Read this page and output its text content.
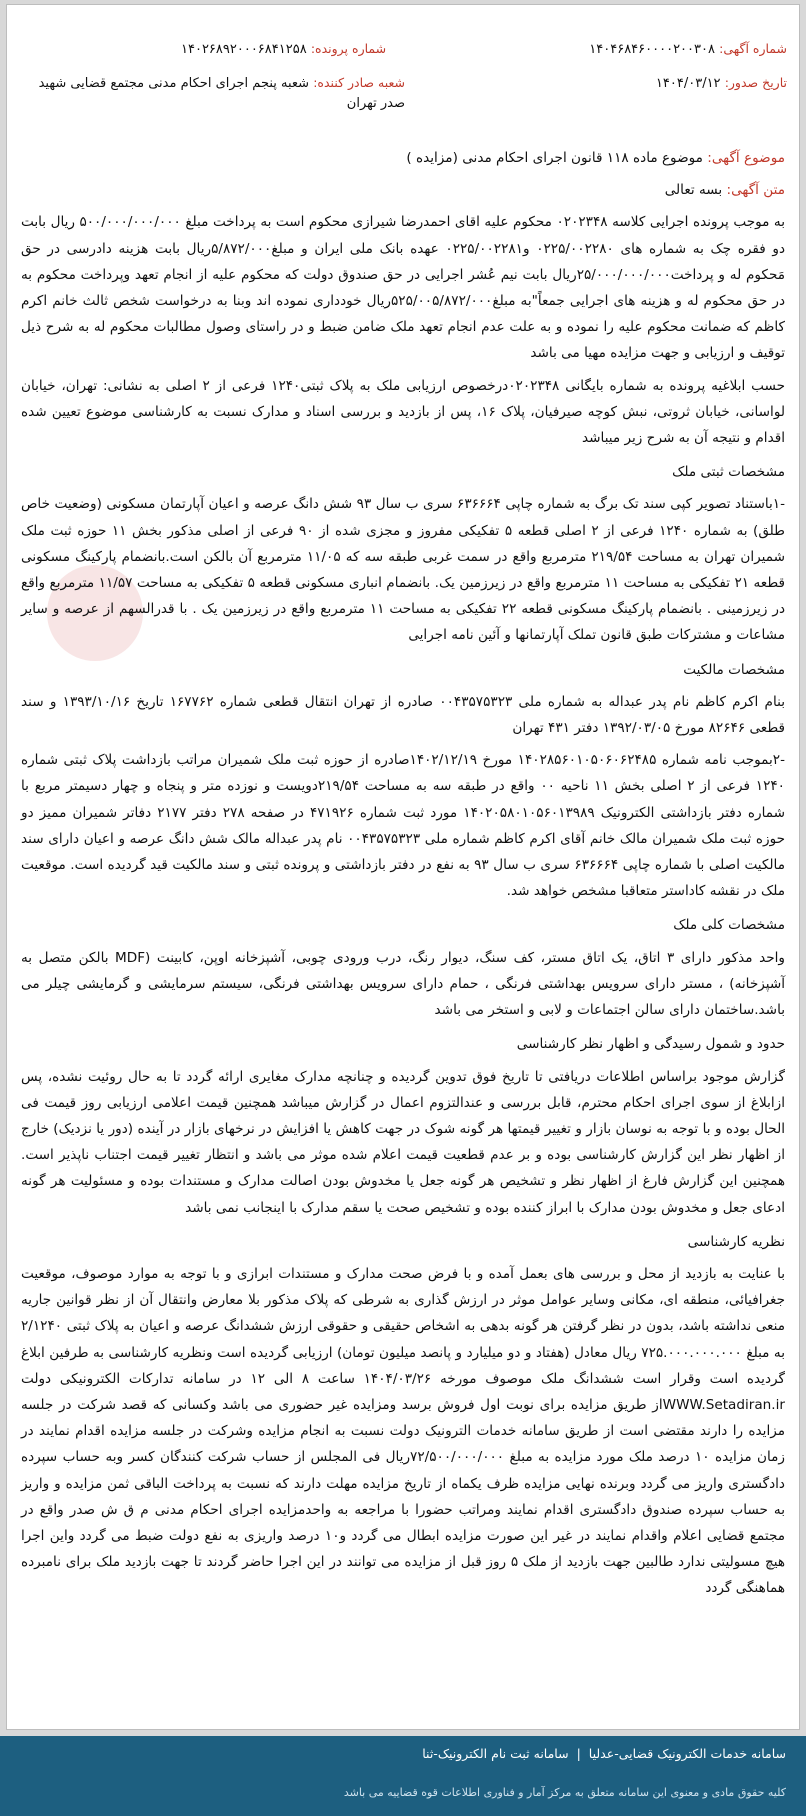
شماره آگهی: ۱۴۰۴۶۸۴۶۰۰۰۰۲۰۰۳۰۸
تاریخ صدور: ۱۴۰۴/۰۳/۱۲
شماره پرونده: ۱۴۰۲۶۸۹۲۰۰۰۶۸۴۱۲۵۸
شعبه صادر کننده: شعبه پنجم اجرای احکام مدنی مجتمع قضایی شهید صدر تهران

موضوع آگهی: موضوع ماده ۱۱۸ قانون اجرای احکام مدنی (مزایده )

متن آگهی: بسه تعالی

به موجب پرونده اجرایی کلاسه ۰۲۰۲۳۴۸ محکوم علیه اقای احمدرضا شیرازی محکوم است به پرداخت مبلغ ۵۰۰/۰۰۰/۰۰۰/۰۰۰ ریال بابت دو فقره چک به شماره های ۰۲۲۵/۰۰۲۲۸۰ و۰۲۲۵/۰۰۲۲۸۱ عهده بانک ملی ایران و مبلغ۵/۸۷۲/۰۰۰ریال بابت هزینه دادرسی در حق مَحکوم له و پرداخت۲۵/۰۰۰/۰۰۰/۰۰۰ریال بابت نیم عُشر اجرایی در حق صندوق دولت که محکوم علیه از انجام تعهد وپرداخت محکوم به در حق محکوم له و هزینه های اجرایی جمعاً"به مبلغ۵۲۵/۰۰۵/۸۷۲/۰۰۰ریال خودداری نموده اند وبنا به درخواست شخص ثالث خانم اکرم کاظم که ضمانت محکوم علیه را نموده و به علت عدم انجام تعهد ملک ضامن ضبط و در راستای وصول مطالبات محکوم له به شرح ذیل توقیف و ارزیابی و جهت مزایده مهیا می باشد

حسب ابلاغیه پرونده به شماره بایگانی ۰۲۰۲۳۴۸درخصوص ارزیابی ملک به پلاک ثبتی۱۲۴۰ فرعی از ۲ اصلی به نشانی: تهران، خیابان لواسانی، خیابان ثروتی، نبش کوچه صیرفیان، پلاک ۱۶، پس از بازدید و بررسی اسناد و مدارک نسبت به کارشناسی موضوع تعیین شده اقدام و نتیجه آن به شرح زیر میباشد

مشخصات ثبتی ملک

-۱باستناد تصویر کپی سند تک برگ به شماره چاپی ۶۳۶۶۶۴ سری ب سال ۹۳ شش دانگ عرصه و اعیان آپارتمان مسکونی (وضعیت خاص طلق) به شماره ۱۲۴۰ فرعی از ۲ اصلی قطعه ۵ تفکیکی مفروز و مجزی شده از ۹۰ فرعی از اصلی مذکور بخش ۱۱ حوزه ثبت ملک شمیران تهران به مساحت ۲۱۹/۵۴ مترمربع واقع در سمت غربی طبقه سه که ۱۱/۰۵ مترمربع آن بالکن است.بانضمام پارکینگ مسکونی قطعه ۲۱ تفکیکی به مساحت ۱۱ مترمربع واقع در زیرزمین یک. بانضمام انباری مسکونی قطعه ۵ تفکیکی به مساحت ۱۱/۵۷ مترمربع واقع در زیرزمینی . بانضمام پارکینگ مسکونی قطعه ۲۲ تفکیکی به مساحت ۱۱ مترمربع واقع در زیرزمین یک . با قدرالسهم از عرصه و سایر مشاعات و مشترکات طبق قانون تملک آپارتمانها و آئین نامه اجرایی

مشخصات مالکیت

بنام اکرم کاظم نام پدر عبداله به شماره ملی ۰۰۴۳۵۷۵۳۲۳ صادره از تهران انتقال قطعی شماره ۱۶۷۷۶۲ تاریخ ۱۳۹۳/۱۰/۱۶ و سند قطعی ۸۲۶۴۶ مورخ ۱۳۹۲/۰۳/۰۵ دفتر ۴۳۱ تهران

-۲بموجب نامه شماره ۱۴۰۲۸۵۶۰۱۰۵۰۶۰۶۲۴۸۵ مورخ ۱۴۰۲/۱۲/۱۹صادره از حوزه ثبت ملک شمیران مراتب بازداشت پلاک ثبتی شماره ۱۲۴۰ فرعی از ۲ اصلی بخش ۱۱ ناحیه ۰۰ واقع در طبقه سه به مساحت ۲۱۹/۵۴دویست و نوزده متر و پنجاه و چهار دسیمتر مربع با شماره دفتر بازداشتی الکترونیک ۱۴۰۲۰۵۸۰۱۰۵۶۰۱۳۹۸۹ مورد ثبت شماره ۴۷۱۹۲۶ در صفحه ۲۷۸ دفتر ۲۱۷۷ دفاتر شمیران ممیز دو حوزه ثبت ملک شمیران مالک خانم آقای اکرم کاظم شماره ملی ۰۰۴۳۵۷۵۳۲۳ نام پدر عبداله مالک شش دانگ عرصه و اعیان دارای سند مالکیت اصلی با شماره چاپی ۶۳۶۶۶۴ سری ب سال ۹۳ به نفع در دفتر بازداشتی و پرونده ثبتی و سند مالکیت قید گردیده است. موقعیت ملک در نقشه کاداستر متعاقبا مشخص خواهد شد.

مشخصات کلی ملک

واحد مذکور دارای ۳ اتاق، یک اتاق مستر، کف سنگ، دیوار رنگ، درب ورودی چوبی، آشپزخانه اوپن، کابینت (MDF بالکن متصل به آشپزخانه) ، مستر دارای سرویس بهداشتی فرنگی ، حمام دارای سرویس بهداشتی فرنگی، سیستم سرمایشی و گرمایشی چیلر می باشد.ساختمان دارای سالن اجتماعات و لابی و استخر می باشد

حدود و شمول رسیدگی و اظهار نظر کارشناسی

گزارش موجود براساس اطلاعات دریافتی تا تاریخ فوق تدوین گردیده و چنانچه مدارک مغایری ارائه گردد تا به حال روئیت نشده، پس ازابلاغ از سوی اجرای احکام محترم، قابل بررسی و عندالتزوم اعمال در گزارش میباشد همچنین قیمت اعلامی ارزیابی روز قیمت فی الحال بوده و با توجه به نوسان بازار و تغییر قیمتها هر گونه شوک در جهت کاهش یا افزایش در نرخهای بازار در آینده (دور یا نزدیک) خارج از اظهار نظر این گزارش کارشناسی بوده و بر عدم قطعیت قیمت اعلام شده موثر می باشد و انتظار تغییر قیمت اجتناب ناپذیر است. همچنین این گزارش فارغ از اظهار نظر و تشخیص هر گونه جعل یا مخدوش بودن اصالت مدارک و مستندات بوده و مسئولیت هر گونه ادعای جعل و مخدوش بودن مدارک با ابراز کننده بوده و تشخیص صحت یا سقم مدارک با اینجانب نمی باشد

نظریه کارشناسی

با عنایت به بازدید از محل و بررسی های بعمل آمده و با فرض صحت مدارک و مستندات ابرازی و با توجه به موارد موصوف، موقعیت جغرافیائی، منطقه ای، مکانی وسایر عوامل موثر در ارزش گذاری به شرطی که پلاک مذکور بلا معارض وانتقال آن از نظر قوانین جاریه منعی نداشته باشد، بدون در نظر گرفتن هر گونه بدهی به اشخاص حقیقی و حقوقی ارزش ششدانگ عرصه و اعیان به پلاک ثبتی ۲/۱۲۴۰ به مبلغ ۷۲۵.۰۰۰.۰۰۰.۰۰۰ ریال معادل (هفتاد و دو میلیارد و پانصد میلیون تومان) ارزیابی گردیده است ونظریه کارشناسی به طرفین ابلاغ گردیده است وقرار است ششدانگ ملک موصوف مورخه ۱۴۰۴/۰۳/۲۶ ساعت ۸ الی ۱۲ در سامانه تدارکات الکترونیکی دولت WWW.Setadiran.irاز طریق مزایده برای نوبت اول فروش برسد ومزایده غیر حضوری می باشد وکسانی که قصد شرکت در جلسه مزایده را دارند مقتضی است از طریق سامانه خدمات الترونیک دولت نسبت به انجام مزایده وشرکت در جلسه مزایده اقدام نمایند در زمان مزایده ۱۰ درصد ملک مورد مزایده به مبلغ ۷۲/۵۰۰/۰۰۰/۰۰۰ریال فی المجلس از حساب شرکت کنندگان کسر وبه حساب سپرده دادگستری واریز می گردد وبرنده نهایی مزایده ظرف یکماه از تاریخ مزایده مهلت دارند که نسبت به پرداخت الباقی ثمن مزایده و واریز به حساب سپرده صندوق دادگستری اقدام نمایند ومراتب حضورا با مراجعه به واحدمزایده اجرای احکام مدنی م ق ش صدر واقع در مجتمع قضایی اعلام واقدام نمایند در غیر این صورت مزایده ابطال می گردد و۱۰ درصد واریزی به نفع دولت ضبط می گردد واین اجرا هیچ مسولیتی ندارد طالبین جهت بازدید از ملک ۵ روز قبل از مزایده می توانند در این اجرا حاضر گردند تا جهت بازدید ملک برای نامبرده هماهنگی گردد

سامانه خدمات الکترونیک قضایی-عدلیا | سامانه ثبت نام الکترونیک-ثنا
کلیه حقوق مادی و معنوی این سامانه متعلق به مرکز آمار و فناوری اطلاعات قوه قضاییه می باشد
